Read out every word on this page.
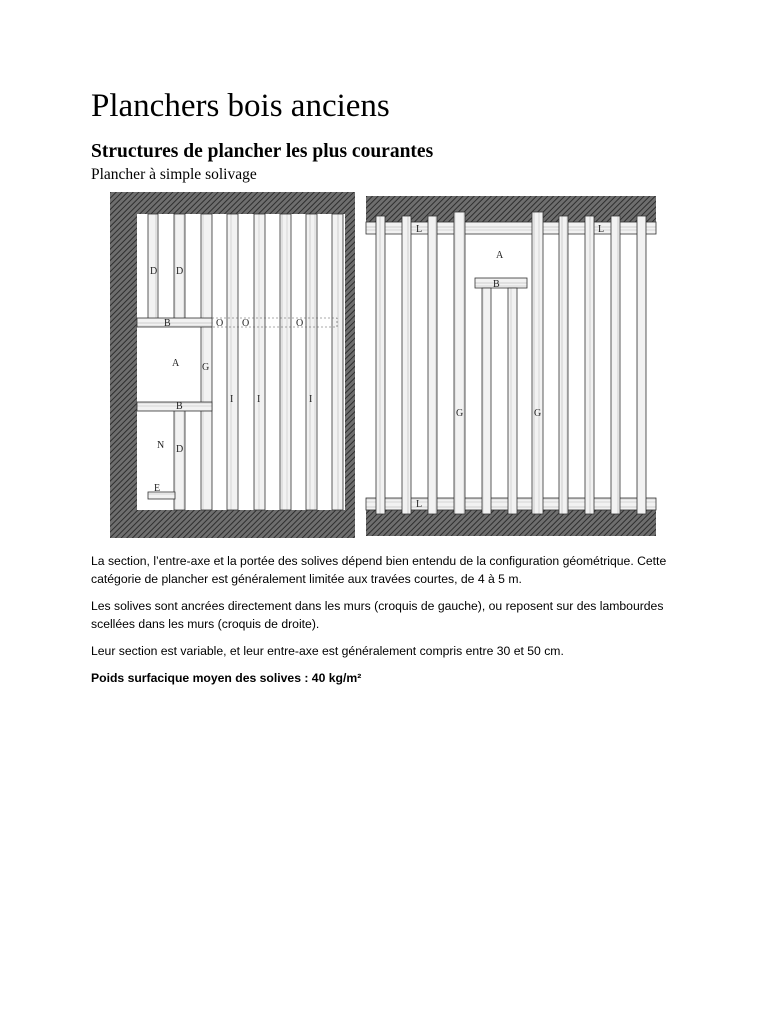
Planchers bois anciens
Structures de plancher les plus courantes
Plancher à simple solivage
D D
B	O O	O
A G
B
I I	I
N D
E
L	L
A
B
G	G
L

La section, l’entre-axe et la portée des solives dépend bien entendu de la configuration géométrique. Cette catégorie de plancher est généralement limitée aux travées courtes, de 4 à 5 m.

Les solives sont ancrées directement dans les murs (croquis de gauche), ou reposent sur des lambourdes scellées dans les murs (croquis de droite).

Leur section est variable, et leur entre-axe est généralement compris entre 30 et 50 cm.

Poids surfacique moyen des solives : 40 kg/m²
